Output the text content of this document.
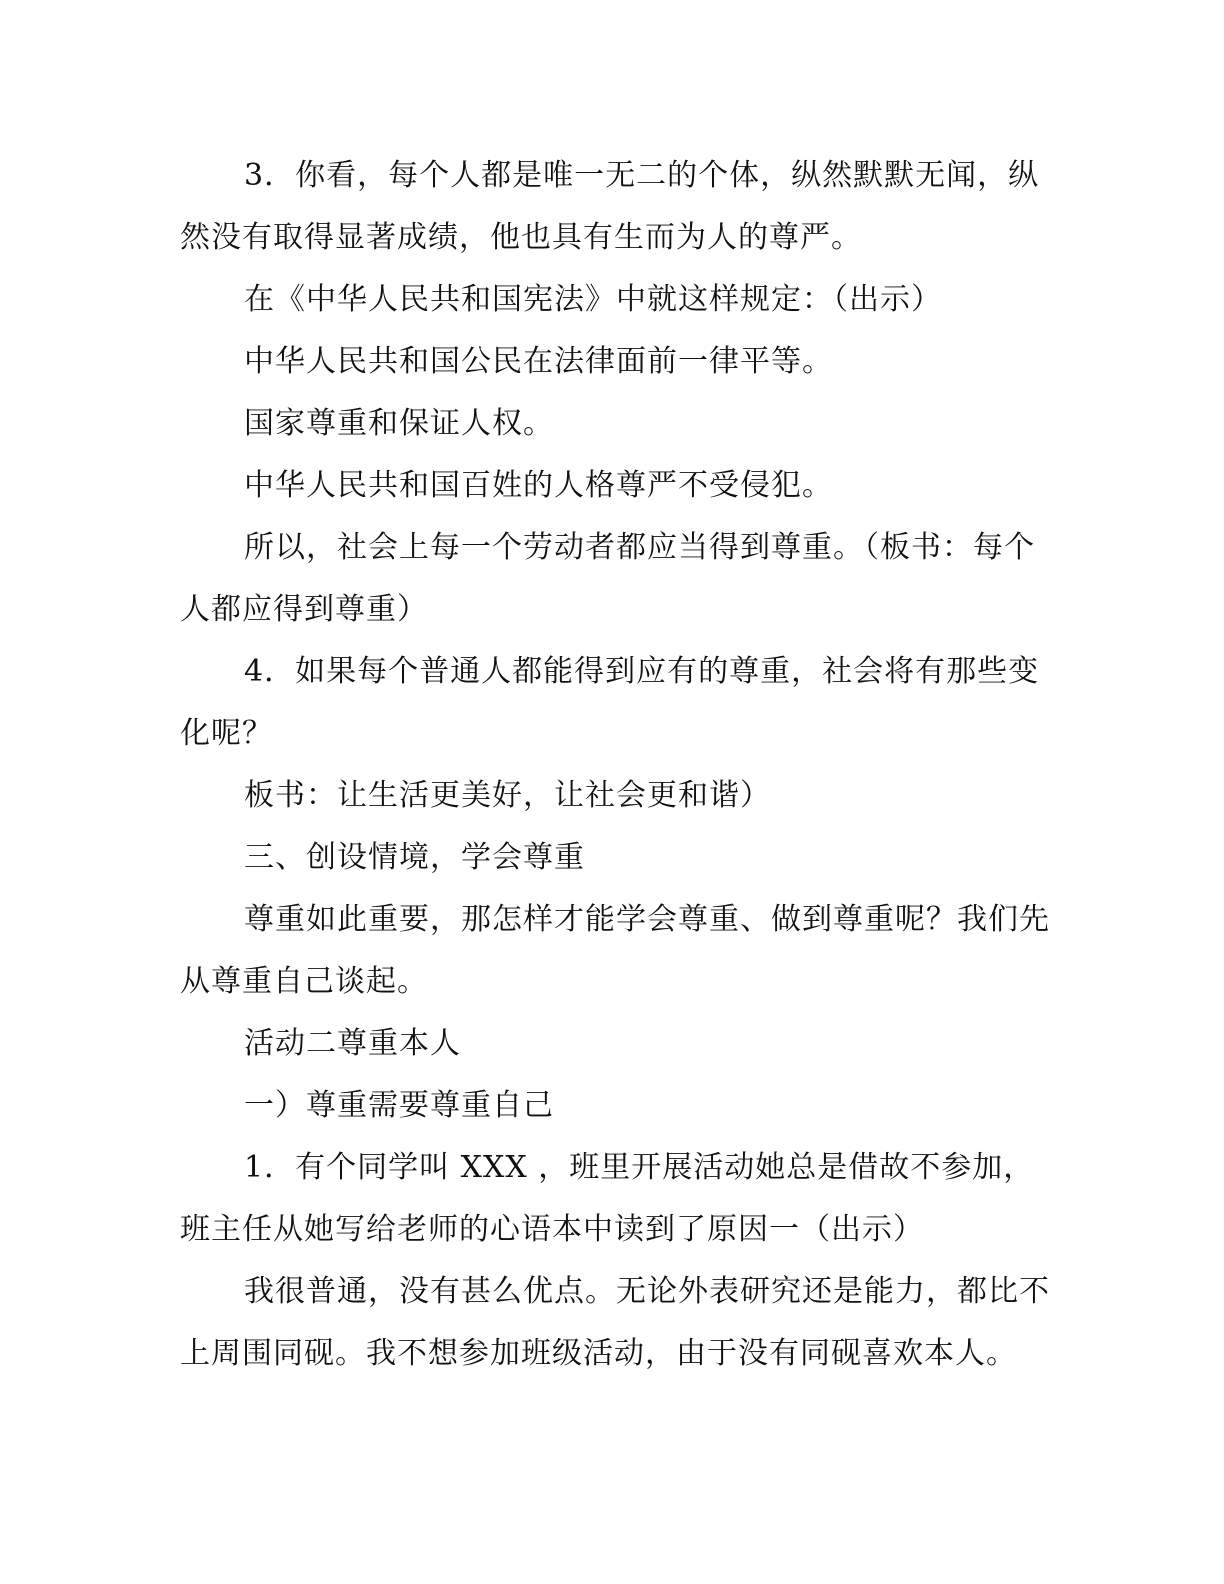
3．你看，每个人都是唯一无二的个体，纵然默默无闻，纵然没有取得显著成绩，他也具有生而为人的尊严。

在《中华人民共和国宪法》中就这样规定：（出示）

中华人民共和国公民在法律面前一律平等。

国家尊重和保证人权。

中华人民共和国百姓的人格尊严不受侵犯。

所以，社会上每一个劳动者都应当得到尊重。（板书：每个人都应得到尊重）

4．如果每个普通人都能得到应有的尊重，社会将有那些变化呢？

板书：让生活更美好，让社会更和谐）

三、创设情境，学会尊重

尊重如此重要，那怎样才能学会尊重、做到尊重呢？我们先从尊重自己谈起。

活动二尊重本人

一）尊重需要尊重自己

1．有个同学叫 XXX ，班里开展活动她总是借故不参加，班主任从她写给老师的心语本中读到了原因一（出示）

我很普通，没有甚么优点。无论外表研究还是能力，都比不上周围同砚。我不想参加班级活动，由于没有同砚喜欢本人。
